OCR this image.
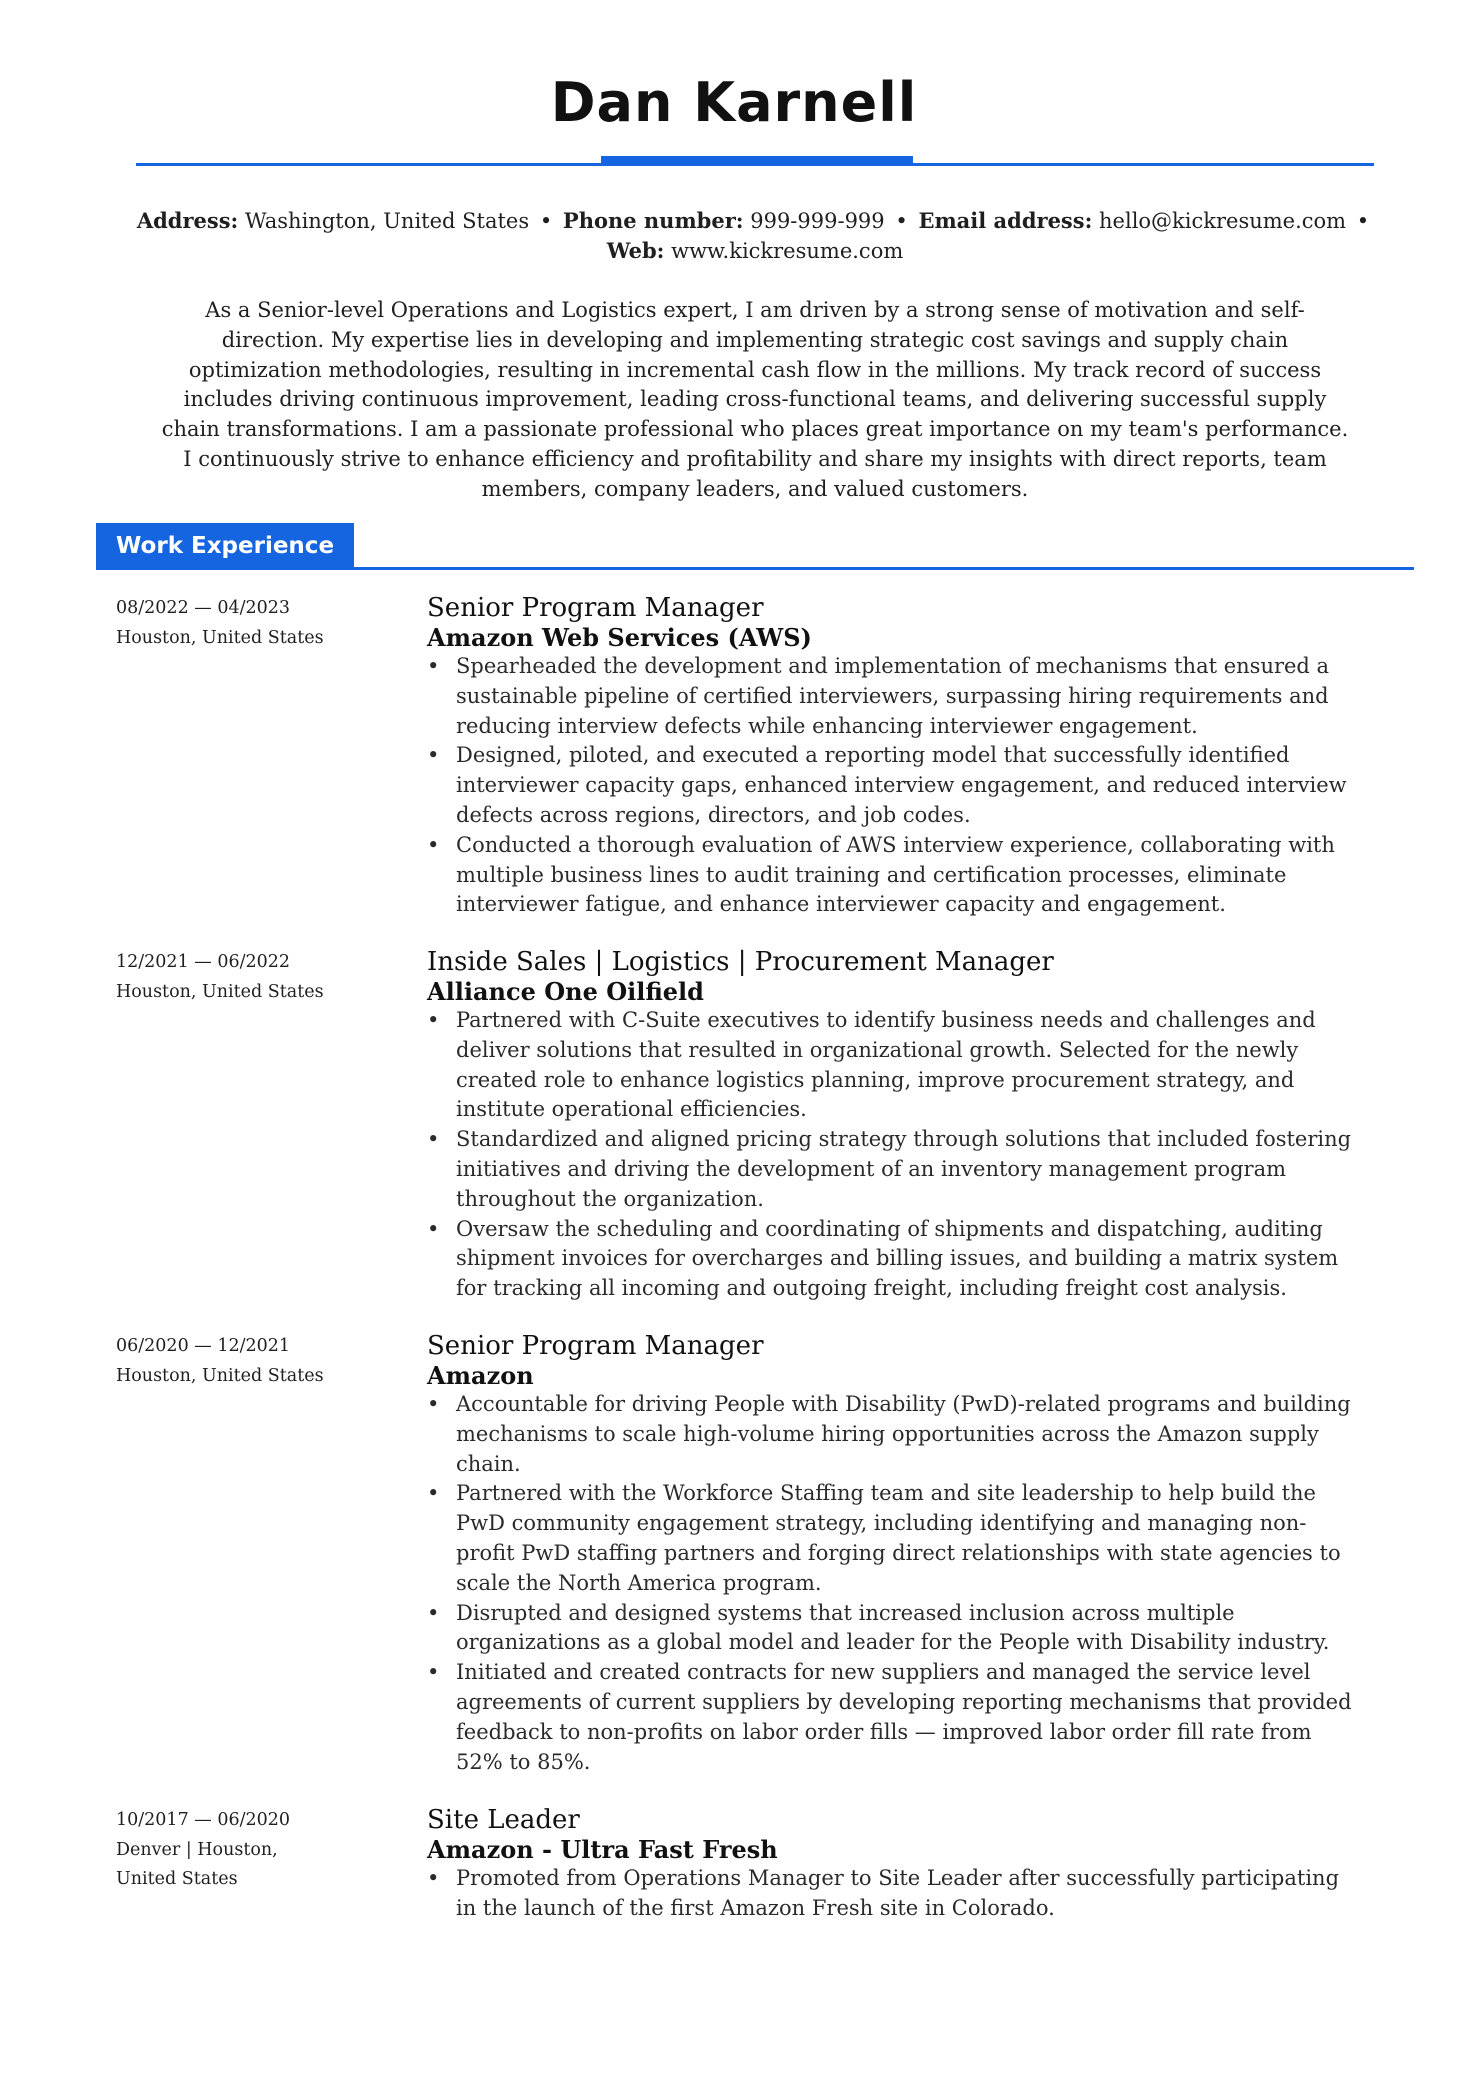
Dan Karnell
Address: Washington, United States • Phone number: 999-999-999 • Email address: hello@kickresume.com •
Web: www.kickresume.com
As a Senior-level Operations and Logistics expert, I am driven by a strong sense of motivation and self-direction. My expertise lies in developing and implementing strategic cost savings and supply chain optimization methodologies, resulting in incremental cash flow in the millions. My track record of success includes driving continuous improvement, leading cross-functional teams, and delivering successful supply chain transformations. I am a passionate professional who places great importance on my team's performance. I continuously strive to enhance efficiency and profitability and share my insights with direct reports, team members, company leaders, and valued customers.
Work Experience
08/2022 — 04/2023
Houston, United States
Senior Program Manager
Amazon Web Services (AWS)
• Spearheaded the development and implementation of mechanisms that ensured a sustainable pipeline of certified interviewers, surpassing hiring requirements and reducing interview defects while enhancing interviewer engagement.
• Designed, piloted, and executed a reporting model that successfully identified interviewer capacity gaps, enhanced interview engagement, and reduced interview defects across regions, directors, and job codes.
• Conducted a thorough evaluation of AWS interview experience, collaborating with multiple business lines to audit training and certification processes, eliminate interviewer fatigue, and enhance interviewer capacity and engagement.
12/2021 — 06/2022
Houston, United States
Inside Sales | Logistics | Procurement Manager
Alliance One Oilfield
• Partnered with C-Suite executives to identify business needs and challenges and deliver solutions that resulted in organizational growth. Selected for the newly created role to enhance logistics planning, improve procurement strategy, and institute operational efficiencies.
• Standardized and aligned pricing strategy through solutions that included fostering initiatives and driving the development of an inventory management program throughout the organization.
• Oversaw the scheduling and coordinating of shipments and dispatching, auditing shipment invoices for overcharges and billing issues, and building a matrix system for tracking all incoming and outgoing freight, including freight cost analysis.
06/2020 — 12/2021
Houston, United States
Senior Program Manager
Amazon
• Accountable for driving People with Disability (PwD)-related programs and building mechanisms to scale high-volume hiring opportunities across the Amazon supply chain.
• Partnered with the Workforce Staffing team and site leadership to help build the PwD community engagement strategy, including identifying and managing non-profit PwD staffing partners and forging direct relationships with state agencies to scale the North America program.
• Disrupted and designed systems that increased inclusion across multiple organizations as a global model and leader for the People with Disability industry.
• Initiated and created contracts for new suppliers and managed the service level agreements of current suppliers by developing reporting mechanisms that provided feedback to non-profits on labor order fills — improved labor order fill rate from 52% to 85%.
10/2017 — 06/2020
Denver | Houston, United States
Site Leader
Amazon - Ultra Fast Fresh
• Promoted from Operations Manager to Site Leader after successfully participating in the launch of the first Amazon Fresh site in Colorado.
